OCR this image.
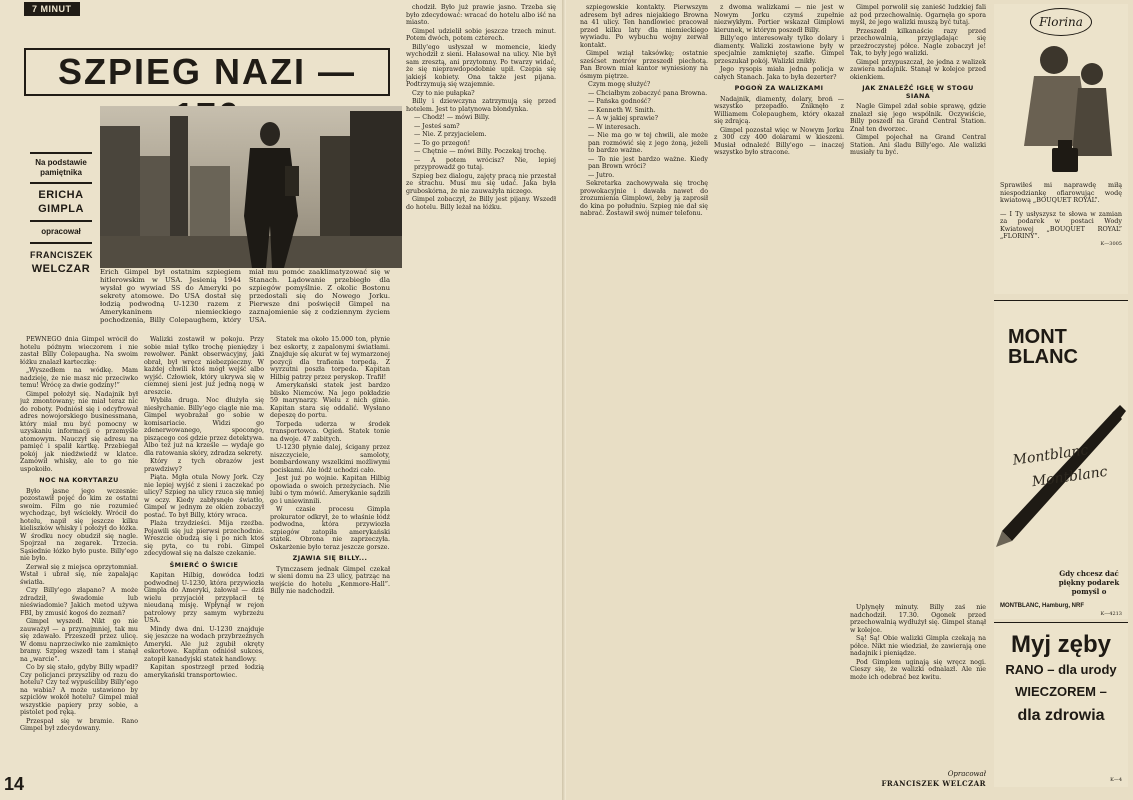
7 MINUT
SZPIEG NAZI —
Na podstawie pamiętnika
ERICHA
GIMPLA
opracował
FRANCISZEK
WELCZAR Erich Gimpel był ostatnim szpiegiem hitlerowskim w USA. Jesienią 1944 wysłał go wywiad SS do Ameryki po sekrety atomowe. Do USA dostał się łodzią podwodną U-1230 razem z Amerykaninem niemieckiego pochodzenia, Billy Colepaughem, który miał mu pomóc zaaklimatyzować się w Stanach. Lądowanie przebiegło dla szpiegów pomyślnie. Z okolic Bostonu przedostali się do Nowego Jorku. Pierwsze dni poświęcił Gimpel na zaznajomienie się z codziennym życiem USA.

PEWNEGO dnia Gimpel wrócił do hotelu późnym wieczorem i nie zastał Billy Colepaugha. Na swoim łóżku znalazł karteczkę:

„Wyszedłem na wódkę. Mam nadzieję, że nie masz nic przeciwko temu! Wrócę za dwie godziny!”

Gimpel położył się. Nadajnik był już zmontowany; nie miał teraz nic do roboty. Podniósł się i odcyfrował adres nowojorskiego businessmana, który miał mu być pomocny w uzyskaniu informacji o przemyśle atomowym. Nauczył się adresu na pamięć i spalił kartkę. Przebiegał pokój jak niedźwiedź w klatce. Zamówił whisky, ale to go nie uspokoiło.

NOC NA KORYTARZU

Było jasne jego wczesnie: pozostawił pojęć do kim ze ostatni swoim. Film go nie rozumieć wychodząc, był wściekły. Wrócił do hotelu, napił się jeszcze kilku kieliszków whisky i położył do łóżka. W środku nocy obudził się nagle. Spojrzał na zegarek. Trzecia. Sąsiednie łóżko było puste. Billy'ego nie było.

Zerwał się z miejsca oprzytomniał. Wstał i ubrał się, nie zapalając światła.

Czy Billy'ego złapano? A może zdradził, śwadomie lub nieświadomie? Jakich metod używa FBI, by zmusić kogoś do zeznań?

Gimpel wyszedł. Nikt go nie zauważył — a przynajmniej, tak mu się zdawało. Przeszedł przez ulicę. W domu naprzeciwko nie zamknięto bramy. Szpieg wszedł tam i stanął na „warcie”.

Co by się stało, gdyby Billy wpadł? Czy policjanci przyszliby od razu do hotelu? Czy też wypuściliby Billy'ego na wabia? A może ustawiono by szpiclów wokół hotelu? Gimpel miał wszystkie papiery przy sobie, a pistolet pod ręką.

Przespał się w bramie. Rano Gimpel był zdecydowany.

Walizki zostawił w pokoju. Przy sobie miał tylko trochę pieniędzy i rewolwer. Pankt obserwacyjny, jaki obrał, był wręcz niebezpieczny. W każdej chwili ktoś mógł wejść albo wyjść. Człowiek, który ukrywa się w ciemnej sieni jest już jedną nogą w areszcie.

Wybiła druga. Noc dłużyła się niesłychanie. Billy'ego ciągle nie ma. Gimpel wyobrażał go sobie w komisariacie. Widzi go zdenerwowanego, spocongo, piszącego coś gdzie przez detektywa. Albo też już na krześle — wydaje go dla ratowania skóry, zdradza sekrety.

Który z tych obrazów jest prawdziwy?

Piąta. Mgła otula Nowy Jork. Czy nie lepiej wyjść z sieni i zaczekać po ulicy? Szpieg na ulicy rzuca się mniej w oczy. Kiedy zabłysnęło światło, Gimpel w jednym ze okien zobaczył postać. To był Billy, który wraca.

Plaża trzydzieści. Mija rzeźba. Pojawili się już pierwsi przechodnie. Wreszcie obudzą się i po nich ktoś się pyta, co tu robi. Gimpel zdecydował się na dalsze czekanie.

ŚMIERĆ O ŚWICIE

Kapitan Hilbig, dowódca łodzi podwodnej U-1230, która przywiozła Gimpla do Ameryki, żałował — dziś wielu przyjaciół przypłacił tę nieudaną misję. Wpłynął w rejon patrolowy przy samym wybrzeżu USA.

Mindy dwa dni. U-1230 znajduje się jeszcze na wodach przybrzeżnych Ameryki. Ale już zgubił okręty eskortowe. Kapitan odniósł sukces, zatopił kanadyjski statek handlowy.

Kapitan spostrzegł przed łodzią amerykański transportowiec.

Statek ma około 15.000 ton, płynie bez eskorty, z zapalonymi światłami. Znajduje się akurat w tej wymarzonej pozycji dla trafienia torpedą. Z wyrzutni poszła torpeda. Kapitan Hilbig patrzy przez peryskop. Trafił!

Amerykański statek jest bardzo blisko Niemców. Na jego pokładzie 59 marynarzy. Wielu z nich ginie. Kapitan stara się oddalić. Wysłano depeszę do portu.

Torpeda uderza w środek transportowca. Ogień. Statek tonie na dwoje. 47 zabitych.

U-1230 płynie dalej, ścigany przez niszczyciele, samoloty, bombardowany wszelkimi możliwymi pociskami. Ale łódź uchodzi cało.

Jest już po wojnie. Kapitan Hilbig opowiada o swoich przeżyciach. Nie lubi o tym mówić. Amerykanie sądzili go i uniewinnili.

W czasie procesu Gimpla prokurator odkrył, że to właśnie łódź podwodna, która przywiozła szpiegów zatopiła amerykański statek. Obrona nie zaprzeczyła. Oskarżenie było teraz jeszcze gorsze.

ZJAWIA SIĘ BILLY...

Tymczasem jednak Gimpel czekał w sieni domu na 23 ulicy, patrząc na wejście do hotelu „Kenmore-Hall”. Billy nie nadchodził.

chodził. Było już prawie jasno. Trzeba się było zdecydować: wracać do hotelu albo iść na miasto.

Gimpel udzielił sobie jeszcze trzech minut. Potem dwóch, potem czterech.

Billy'ego usłyszał w momencie, kiedy wychodził z sieni. Hałasował na ulicy. Nie był sam zresztą, ani przytomny. Po twarzy widać, że się nieprawdopodobnie upił. Czepia się jakiejś kobiety. Ona także jest pijana. Podtrzymują się wzajemnie.

Czy to nie pułapka?

Billy i dziewczyna zatrzymują się przed hotelem. Jest to platynowa blondynka.

— Chodź! — mówi Billy.

— Jesteś sam?

— Nie. Z przyjacielem.

— To go przegoń!

— Chętnie — mówi Billy. Poczekaj trochę.

— A potem wrócisz? Nie, lepiej przyprowadź go tutaj.

Szpieg bez dialogu, zajęty pracą nie przestał ze strachu. Musi mu się udać. Jaka była gruboskórna, że nie zauważyła niczego.

Gimpel zobaczył, że Billy jest pijany. Wszedł do hotelu. Billy leżał na łóżku.

14

szpiegowskie kontakty. Pierwszym adresem był adres niejakiego Browna na 41 ulicy. Ten handlowiec pracował przed kilku laty dla niemieckiego wywiadu. Po wybuchu wojny zerwał kontakt.

Gimpel wziął taksówkę; ostatnie sześćset metrów przeszedł piechotą. Pan Brown miał kantor wyniesiony na ósmym piętrze.

Czym mogę służyć?

— Chciałbym zobaczyć pana Browna.

— Pańska godność?

— Kenneth W. Smith.

— A w jakiej sprawie?

— W interesach.

— Nie ma go w tej chwili, ale może pan rozmówić się z jego żoną, jeżeli to bardzo ważne.

— To nie jest bardzo ważne. Kiedy pan Brown wróci?

— Jutro.

Sekretarka zachowywała się trochę prowokacyjnie i dawała nawet do zrozumienia Gimplowi, żeby ją zaprosił do kina po południu. Szpieg nie dał się nabrać. Zostawił swój numer telefonu.

z dwoma walizkami — nie jest w Nowym Jorku czymś zupełnie niezwykłym. Portier wskazał Gimplowi kierunek, w którym poszedł Billy.

Billy'ego interesowały tylko dolary i diamenty. Walizki zostawione były w specjalnie zamkniętej szafie. Gimpel przeszukał pokój. Walizki znikły.

Jego rysopis miała jedna policja w całych Stanach. Jaka to była dezerter?

POGOŃ ZA WALIZKAMI

Nadajnik, diamenty, dolary, broń — wszystko przepadło. Zniknęło z Williamem Colepaughem, który okazał się zdrajcą.

Gimpel pozostał więc w Nowym Jorku z 300 czy 400 dolarami w kieszeni. Musiał odnaleźć Billy'ego — inaczej wszystko było stracone.

Gimpel porwolił się zanieść ludzkiej fali aż pod przechowalnię. Ogarnęła go spora myśl, że jego walizki muszą być tutaj.

Przeszedł kilkanaście razy przed przechowalnią, przyglądając się przeźroczystej półce. Nagle zobaczył je! Tak, to były jego walizki.

Gimpel przypuszczał, że jedna z walizek zawiera nadajnik. Stanął w kolejce przed okienkiem.

JAK ZNALEŹĆ IGŁĘ W STOGU SIANA

Nagle Gimpel zdał sobie sprawę, gdzie znalazł się jego wspólnik. Oczywiście, Billy poszedł na Grand Central Station. Znał ten dworzec.

Gimpel pojechał na Grand Central Station. Ani śladu Billy'ego. Ale walizki musiały tu być.

Uplynęły minuty. Billy zaś nie nadchodził. 17.30. Ogonek przed przechowalnią wydłużył się. Gimpel stanął w kolejce.

Są! Są! Obie walizki Gimpla czekają na półce. Nikt nie wiedział, że zawierają one nadajnik i pieniądze.

Pod Gimplem uginają się wręcz nogi. Cieszy się, że walizki odnalazł. Ale nie może ich odebrać bez kwitu.

Opracował
FRANCISZEK WELCZAR
Florina
Sprawiłeś mi naprawdę miłą niespodziankę ofiarowując wodę kwiatową „BOUQUET ROYAL”.
— I Ty usłyszysz te słowa w zamian za podarek w postaci Wody Kwiatowej „BOUQUET ROYAL” „FLORINY”.
K—3005
MONT
BLANC
Montblanc
Montblanc
Gdy chcesz dać
piękny podarek
pomyśl o
MONTBLANC, Hamburg, NRF
K—4213
Myj zęby
RANO – dla urody
WIECZOREM –
dla zdrowia
K—4
